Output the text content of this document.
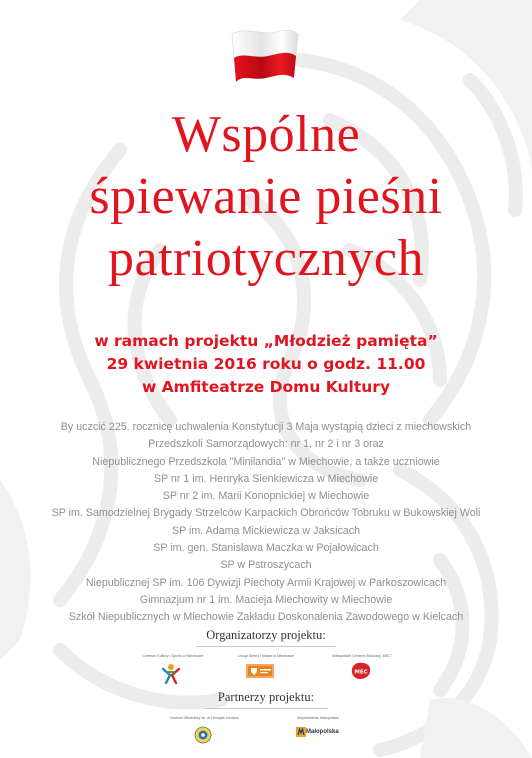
Wspólne
śpiewanie pieśni
patriotycznych
w ramach projektu „Młodzież pamięta”
29 kwietnia 2016 roku o godz. 11.00
w Amfiteatrze Domu Kultury
By uczcić 225. rocznicę uchwalenia Konstytucji 3 Maja wystąpią dzieci z miechowskich
Przedszkoli Samorządowych: nr 1, nr 2 i nr 3 oraz
Niepublicznego Przedszkola "Minilandia" w Miechowie, a także uczniowie
SP nr 1 im. Henryka Sienkiewicza w Miechowie
SP nr 2 im. Marii Konopnickiej w Miechowie
SP im. Samodzielnej Brygady Strzelców Karpackich Obrońców Tobruku w Bukowskiej Woli
SP im. Adama Mickiewicza w Jaksicach
SP im. gen. Stanisława Maczka w Pojałowicach
SP w Pstroszycach
Niepublicznej SP im. 106 Dywizji Piechoty Armii Krajowej w Parkoszowicach
Gimnazjum nr 1 im. Macieja Miechowity w Miechowie
Szkół Niepublicznych w Miechowie Zakładu Doskonalenia Zawodowego w Kielcach
Organizatorzy projektu:
Centrum Kultury i Sportu w Miechowie	Urząd Gminy i Miasta w Miechowie	Małopolskie Centrum Edukacji „MEC”
MEC
Partnerzy projektu:
Centrum Młodzieży im. dr Henryka Jordana	Województwo Małopolskie
Małopolska
